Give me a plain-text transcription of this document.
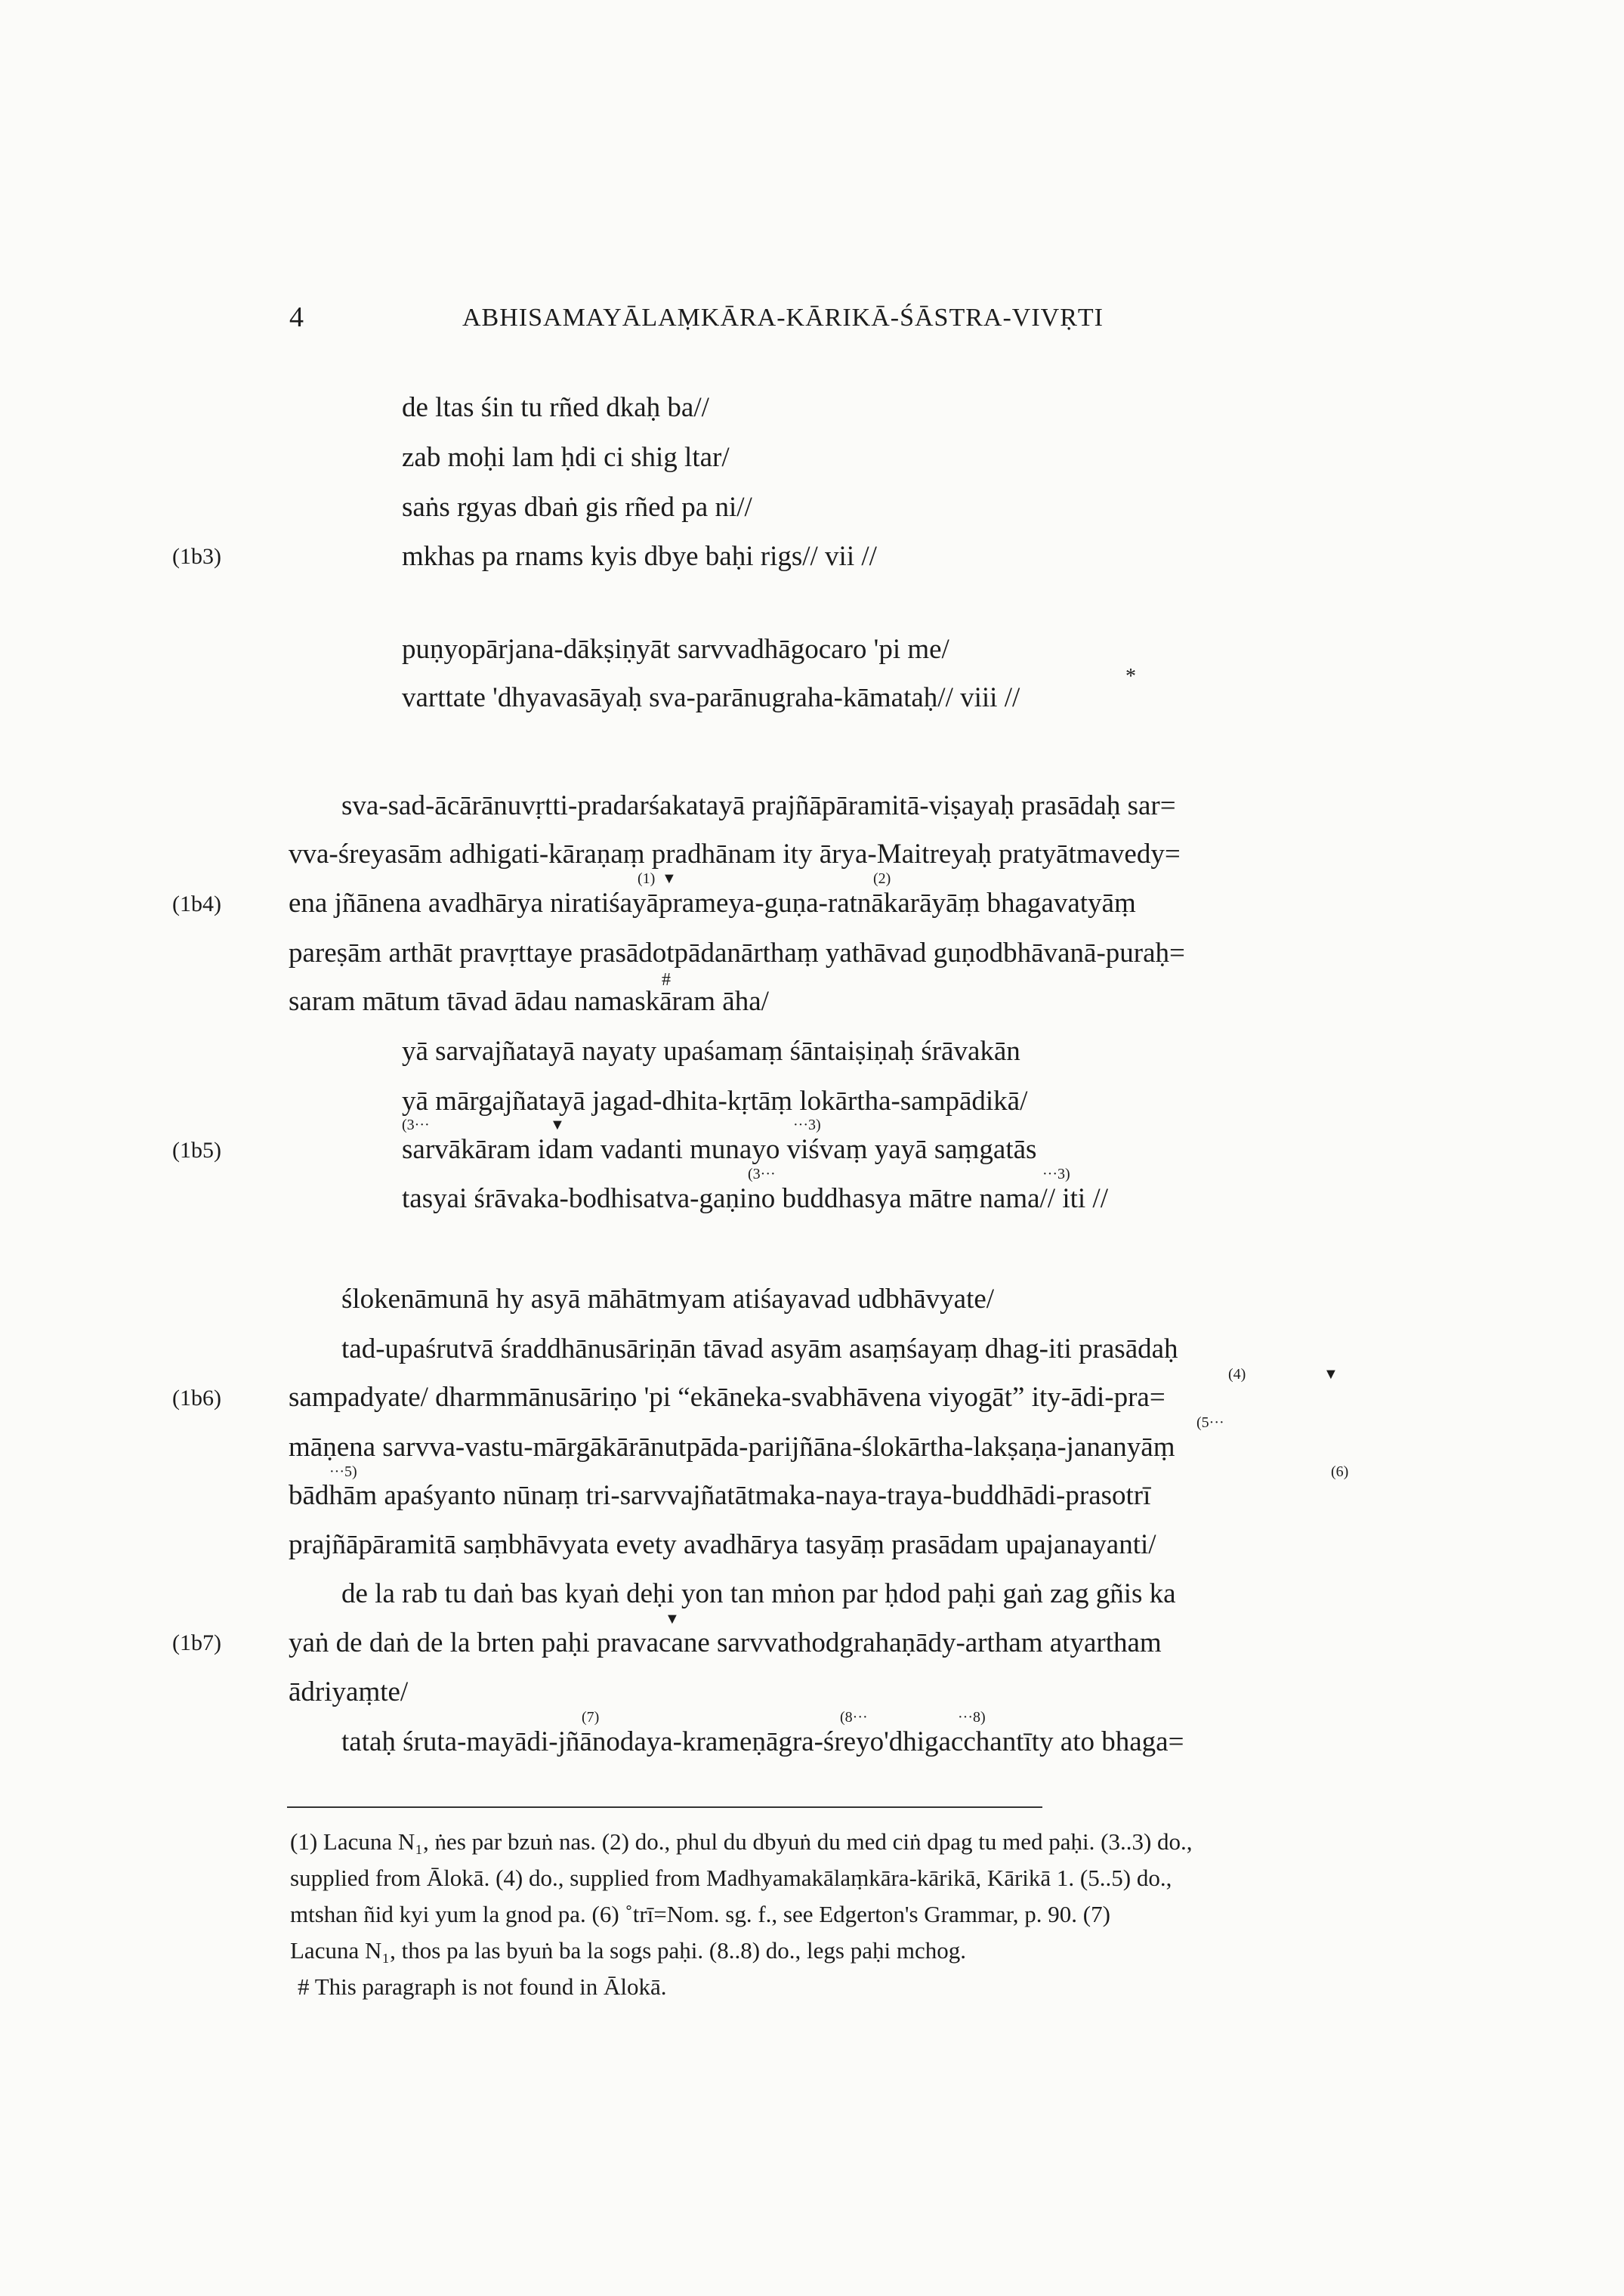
4	ABHISAMAYĀLAṂKĀRA-KĀRIKĀ-ŚĀSTRA-VIVṚTI
de ltas śin tu rñed dkaḥ ba//
zab moḥi lam ḥdi ci shig ltar/
saṅs rgyas dbaṅ gis rñed pa ni//
(1b3)	mkhas pa rnams kyis dbye baḥi rigs// vii //
puṇyopārjana-dākṣiṇyāt sarvvadhāgocaro 'pi me/
*
varttate 'dhyavasāyaḥ sva-parānugraha-kāmataḥ// viii //
sva-sad-ācārānuvṛtti-pradarśakatayā prajñāpāramitā-viṣayaḥ prasādaḥ sar=
vva-śreyasām adhigati-kāraṇaṃ pradhānam ity ārya-Maitreyaḥ pratyātmavedy=
(1) ▼	(2)
(1b4) ena jñānena avadhārya niratiśayāprameya-guṇa-ratnākarāyāṃ bhagavatyāṃ
pareṣām arthāt pravṛttaye prasādotpādanārthaṃ yathāvad guṇodbhāvanā-puraḥ=
#
saram mātum tāvad ādau namaskāram āha/
yā sarvajñatayā nayaty upaśamaṃ śāntaiṣiṇaḥ śrāvakān
yā mārgajñatayā jagad-dhita-kṛtāṃ lokārtha-sampādikā/
(3···	▼	···3)
(1b5)	sarvākāram idam vadanti munayo viśvaṃ yayā saṃgatās
(3···	···3)
tasyai śrāvaka-bodhisatva-gaṇino buddhasya mātre nama// iti //
ślokenāmunā hy asyā māhātmyam atiśayavad udbhāvyate/
tad-upaśrutvā śraddhānusāriṇān tāvad asyām asaṃśayaṃ dhag-iti prasādaḥ
(4)	▼
(1b6) sampadyate/ dharmmānusāriṇo 'pi “ekāneka-svabhāvena viyogāt” ity-ādi-pra=
(5···
māṇena sarvva-vastu-mārgākārānutpāda-parijñāna-ślokārtha-lakṣaṇa-jananyāṃ
···5)	(6)
bādhām apaśyanto nūnaṃ tri-sarvvajñatātmaka-naya-traya-buddhādi-prasotrī
prajñāpāramitā saṃbhāvyata evety avadhārya tasyāṃ prasādam upajanayanti/
de la rab tu daṅ bas kyaṅ deḥi yon tan mṅon par ḥdod paḥi gaṅ zag gñis ka
▼
(1b7) yaṅ de daṅ de la brten paḥi pravacane sarvvathodgrahaṇādy-artham atyartham
ādriyaṃte/
(7)	(8···	···8)
tataḥ śruta-mayādi-jñānodaya-krameṇāgra-śreyo'dhigacchantīty ato bhaga=
(1) Lacuna N₁, ṅes par bzuṅ nas. (2) do., phul du dbyuṅ du med ciṅ dpag tu med paḥi. (3..3) do.,
supplied from Ālokā. (4) do., supplied from Madhyamakālaṃkāra-kārikā, Kārikā 1. (5..5) do.,
mtshan ñid kyi yum la gnod pa. (6) ˚trī=Nom. sg. f., see Edgerton's Grammar, p. 90. (7)
Lacuna N₁, thos pa las byuṅ ba la sogs paḥi. (8..8) do., legs paḥi mchog.
# This paragraph is not found in Ālokā.
